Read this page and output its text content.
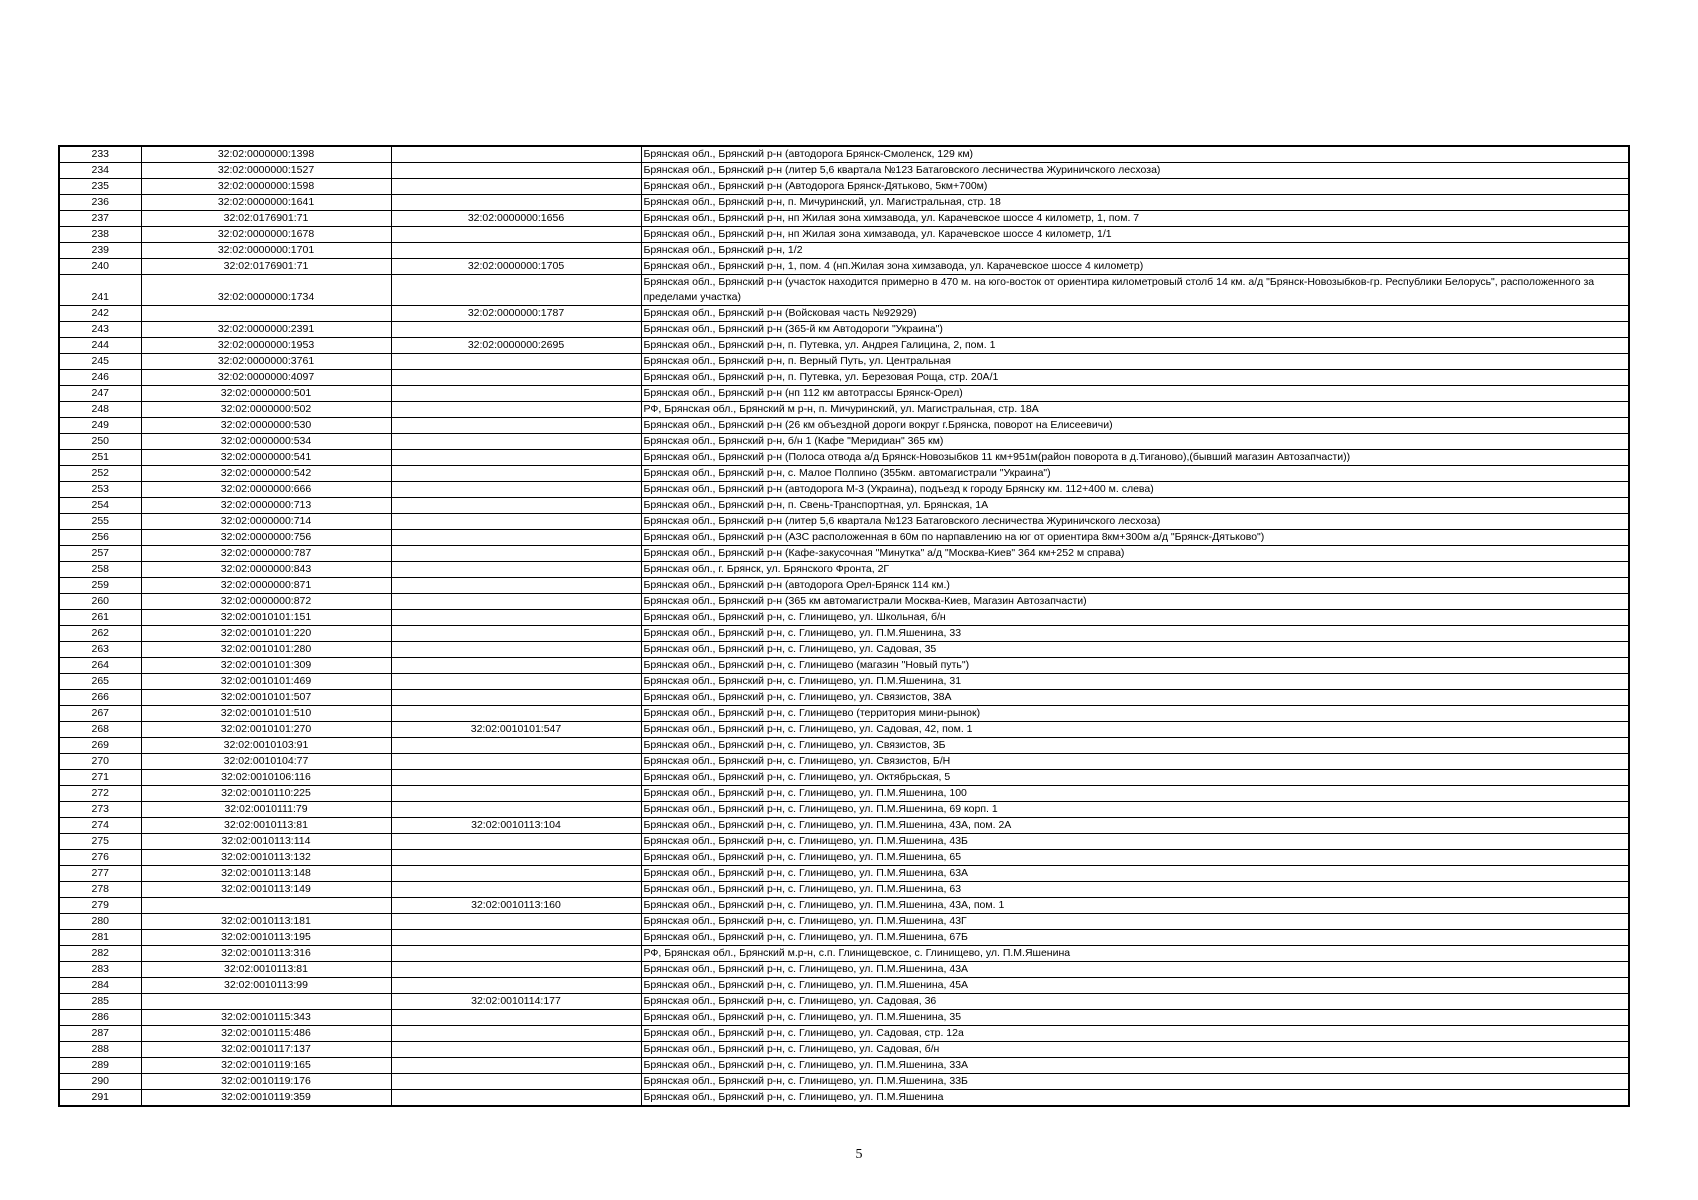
233	32:02:0000000:1398		Брянская обл., Брянский р-н (автодорога Брянск-Смоленск, 129 км)
234	32:02:0000000:1527		Брянская обл., Брянский р-н (литер 5,6 квартала №123 Батаговского лесничества Журиничского лесхоза)
235	32:02:0000000:1598		Брянская обл., Брянский р-н (Автодорога Брянск-Дятьково, 5км+700м)
236	32:02:0000000:1641		Брянская обл., Брянский р-н, п. Мичуринский, ул. Магистральная, стр. 18
237	32:02:0176901:71	32:02:0000000:1656	Брянская обл., Брянский р-н, нп Жилая зона химзавода, ул. Карачевское шоссе 4 километр, 1, пом. 7
238	32:02:0000000:1678		Брянская обл., Брянский р-н, нп Жилая зона химзавода, ул. Карачевское шоссе 4 километр, 1/1
239	32:02:0000000:1701		Брянская обл., Брянский р-н, 1/2
240	32:02:0176901:71	32:02:0000000:1705	Брянская обл., Брянский р-н, 1, пом. 4 (нп.Жилая зона химзавода, ул. Карачевское шоссе 4 километр)
241	32:02:0000000:1734		Брянская обл., Брянский р-н (участок находится примерно в 470 м. на юго-восток от ориентира километровый столб 14 км. а/д "Брянск-Новозыбков-гр. Республики Белорусь", расположенного за пределами участка)
242		32:02:0000000:1787	Брянская обл., Брянский р-н (Войсковая часть №92929)
243	32:02:0000000:2391		Брянская обл., Брянский р-н (365-й км Автодороги "Украина")
244	32:02:0000000:1953	32:02:0000000:2695	Брянская обл., Брянский р-н, п. Путевка, ул. Андрея Галицина, 2, пом. 1
245	32:02:0000000:3761		Брянская обл., Брянский р-н, п. Верный Путь, ул. Центральная
246	32:02:0000000:4097		Брянская обл., Брянский р-н, п. Путевка, ул. Березовая Роща, стр. 20А/1
247	32:02:0000000:501		Брянская обл., Брянский р-н (нп 112 км автотрассы Брянск-Орел)
248	32:02:0000000:502		РФ, Брянская обл., Брянский м р-н, п. Мичуринский, ул. Магистральная, стр. 18А
249	32:02:0000000:530		Брянская обл., Брянский р-н (26 км объездной дороги вокруг г.Брянска, поворот на Елисеевичи)
250	32:02:0000000:534		Брянская обл., Брянский р-н, б/н 1 (Кафе "Меридиан" 365 км)
251	32:02:0000000:541		Брянская обл., Брянский р-н (Полоса отвода а/д Брянск-Новозыбков 11 км+951м(район поворота в д.Тиганово),(бывший магазин Автозапчасти))
252	32:02:0000000:542		Брянская обл., Брянский р-н, с. Малое Полпино (355км. автомагистрали "Украина")
253	32:02:0000000:666		Брянская обл., Брянский р-н (автодорога М-3 (Украина), подъезд к городу Брянску км. 112+400 м. слева)
254	32:02:0000000:713		Брянская обл., Брянский р-н, п. Свень-Транспортная, ул. Брянская, 1А
255	32:02:0000000:714		Брянская обл., Брянский р-н (литер 5,6 квартала №123 Батаговского лесничества Журиничского лесхоза)
256	32:02:0000000:756		Брянская обл., Брянский р-н (АЗС расположенная в 60м по нарпавлению на юг от ориентира 8км+300м а/д "Брянск-Дятьково")
257	32:02:0000000:787		Брянская обл., Брянский р-н (Кафе-закусочная "Минутка" а/д "Москва-Киев" 364 км+252 м справа)
258	32:02:0000000:843		Брянская обл., г. Брянск, ул. Брянского Фронта, 2Г
259	32:02:0000000:871		Брянская обл., Брянский р-н (автодорога Орел-Брянск 114 км.)
260	32:02:0000000:872		Брянская обл., Брянский р-н (365 км автомагистрали Москва-Киев, Магазин Автозапчасти)
261	32:02:0010101:151		Брянская обл., Брянский р-н, с. Глинищево, ул. Школьная, б/н
262	32:02:0010101:220		Брянская обл., Брянский р-н, с. Глинищево, ул. П.М.Яшенина, 33
263	32:02:0010101:280		Брянская обл., Брянский р-н, с. Глинищево, ул. Садовая, 35
264	32:02:0010101:309		Брянская обл., Брянский р-н, с. Глинищево (магазин "Новый путь")
265	32:02:0010101:469		Брянская обл., Брянский р-н, с. Глинищево, ул. П.М.Яшенина, 31
266	32:02:0010101:507		Брянская обл., Брянский р-н, с. Глинищево, ул. Связистов, 38А
267	32:02:0010101:510		Брянская обл., Брянский р-н, с. Глинищево (территория мини-рынок)
268	32:02:0010101:270	32:02:0010101:547	Брянская обл., Брянский р-н, с. Глинищево, ул. Садовая, 42, пом. 1
269	32:02:0010103:91		Брянская обл., Брянский р-н, с. Глинищево, ул. Связистов, 3Б
270	32:02:0010104:77		Брянская обл., Брянский р-н, с. Глинищево, ул. Связистов, Б/Н
271	32:02:0010106:116		Брянская обл., Брянский р-н, с. Глинищево, ул. Октябрьская, 5
272	32:02:0010110:225		Брянская обл., Брянский р-н, с. Глинищево, ул. П.М.Яшенина, 100
273	32:02:0010111:79		Брянская обл., Брянский р-н, с. Глинищево, ул. П.М.Яшенина, 69 корп. 1
274	32:02:0010113:81	32:02:0010113:104	Брянская обл., Брянский р-н, с. Глинищево, ул. П.М.Яшенина, 43А, пом. 2А
275	32:02:0010113:114		Брянская обл., Брянский р-н, с. Глинищево, ул. П.М.Яшенина, 43Б
276	32:02:0010113:132		Брянская обл., Брянский р-н, с. Глинищево, ул. П.М.Яшенина, 65
277	32:02:0010113:148		Брянская обл., Брянский р-н, с. Глинищево, ул. П.М.Яшенина, 63А
278	32:02:0010113:149		Брянская обл., Брянский р-н, с. Глинищево, ул. П.М.Яшенина, 63
279		32:02:0010113:160	Брянская обл., Брянский р-н, с. Глинищево, ул. П.М.Яшенина, 43А, пом. 1
280	32:02:0010113:181		Брянская обл., Брянский р-н, с. Глинищево, ул. П.М.Яшенина, 43Г
281	32:02:0010113:195		Брянская обл., Брянский р-н, с. Глинищево, ул. П.М.Яшенина, 67Б
282	32:02:0010113:316		РФ, Брянская обл., Брянский м.р-н, с.п. Глинищевское, с. Глинищево, ул. П.М.Яшенина
283	32:02:0010113:81		Брянская обл., Брянский р-н, с. Глинищево, ул. П.М.Яшенина, 43А
284	32:02:0010113:99		Брянская обл., Брянский р-н, с. Глинищево, ул. П.М.Яшенина, 45А
285		32:02:0010114:177	Брянская обл., Брянский р-н, с. Глинищево, ул. Садовая, 36
286	32:02:0010115:343		Брянская обл., Брянский р-н, с. Глинищево, ул. П.М.Яшенина, 35
287	32:02:0010115:486		Брянская обл., Брянский р-н, с. Глинищево, ул. Садовая, стр. 12а
288	32:02:0010117:137		Брянская обл., Брянский р-н, с. Глинищево, ул. Садовая, б/н
289	32:02:0010119:165		Брянская обл., Брянский р-н, с. Глинищево, ул. П.М.Яшенина, 33А
290	32:02:0010119:176		Брянская обл., Брянский р-н, с. Глинищево, ул. П.М.Яшенина, 33Б
291	32:02:0010119:359		Брянская обл., Брянский р-н, с. Глинищево, ул. П.М.Яшенина
5
